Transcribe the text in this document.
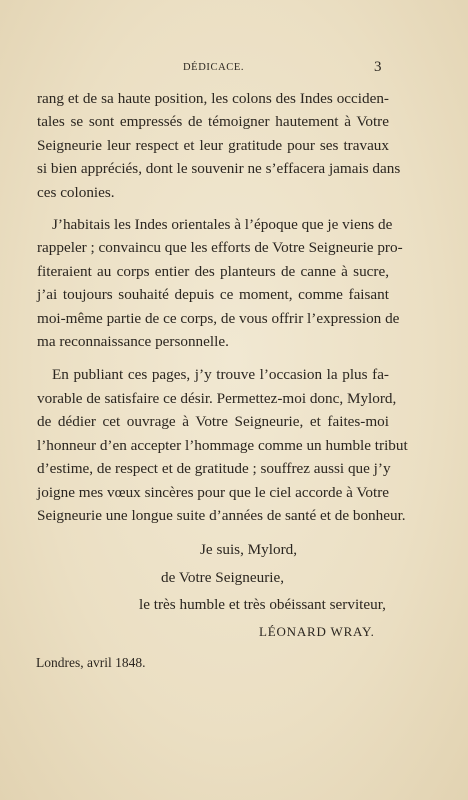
DÉDICACE.	3
rang et de sa haute position, les colons des Indes occiden-
tales se sont empressés de témoigner hautement à Votre
Seigneurie leur respect et leur gratitude pour ses travaux
si bien appréciés, dont le souvenir ne s’effacera jamais dans
ces colonies.
J’habitais les Indes orientales à l’époque que je viens de
rappeler ; convaincu que les efforts de Votre Seigneurie pro-
fiteraient au corps entier des planteurs de canne à sucre,
j’ai toujours souhaité depuis ce moment, comme faisant
moi-même partie de ce corps, de vous offrir l’expression de
ma reconnaissance personnelle.
En publiant ces pages, j’y trouve l’occasion la plus fa-
vorable de satisfaire ce désir. Permettez-moi donc, Mylord,
de dédier cet ouvrage à Votre Seigneurie, et faites-moi
l’honneur d’en accepter l’hommage comme un humble tribut
d’estime, de respect et de gratitude ; souffrez aussi que j’y
joigne mes vœux sincères pour que le ciel accorde à Votre
Seigneurie une longue suite d’années de santé et de bonheur.
Je suis, Mylord,
de Votre Seigneurie,
le très humble et très obéissant serviteur,
LÉONARD WRAY.
Londres, avril 1848.
